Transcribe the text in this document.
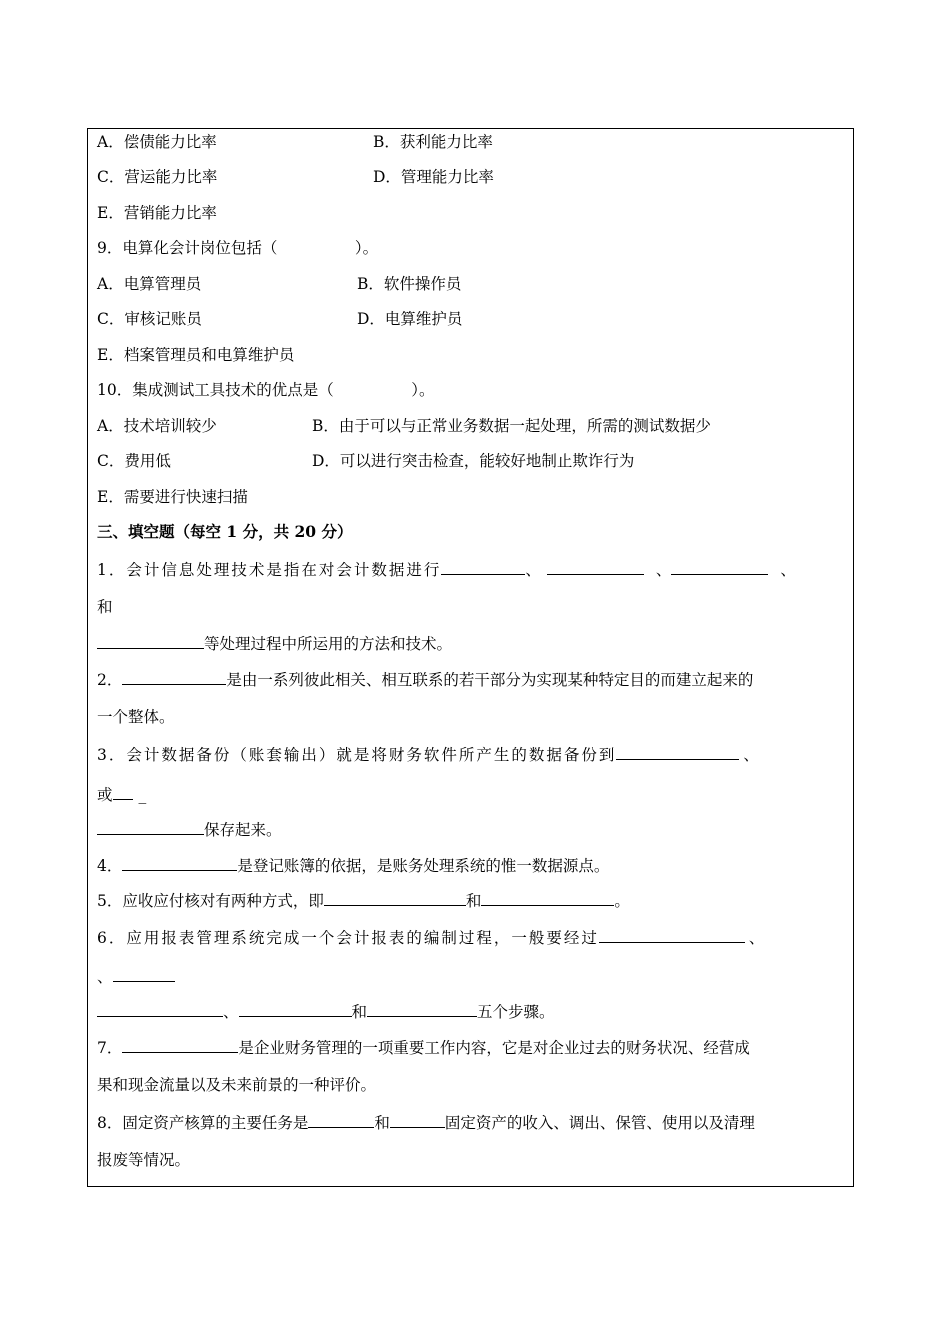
A．偿债能力比率	B．获利能力比率
C．营运能力比率	D．管理能力比率
E．营销能力比率
9．电算化会计岗位包括（　　　　　）。
A．电算管理员	B．软件操作员
C．审核记账员	D．电算维护员
E．档案管理员和电算维护员
10．集成测试工具技术的优点是（　　　　　）。
A．技术培训较少	B．由于可以与正常业务数据一起处理，所需的测试数据少
C．费用低	D．可以进行突击检查，能较好地制止欺诈行为
E．需要进行快速扫描
三、填空题（每空 1 分，共 20 分）
1．会计信息处理技术是指在对会计数据进行	、	、	、
和
等处理过程中所运用的方法和技术。
2．	是由一系列彼此相关、相互联系的若干部分为实现某种特定目的而建立起来的
一个整体。
3．会计数据备份（账套输出）就是将财务软件所产生的数据备份到	、
或 _
保存起来。
4．	是登记账簿的依据，是账务处理系统的惟一数据源点。
5．应收应付核对有两种方式，即	和	。
6．应用报表管理系统完成一个会计报表的编制过程，一般要经过	、
、
、	和	五个步骤。
7．	是企业财务管理的一项重要工作内容，它是对企业过去的财务状况、经营成
果和现金流量以及未来前景的一种评价。
8．固定资产核算的主要任务是	和	固定资产的收入、调出、保管、使用以及清理
报废等情况。
